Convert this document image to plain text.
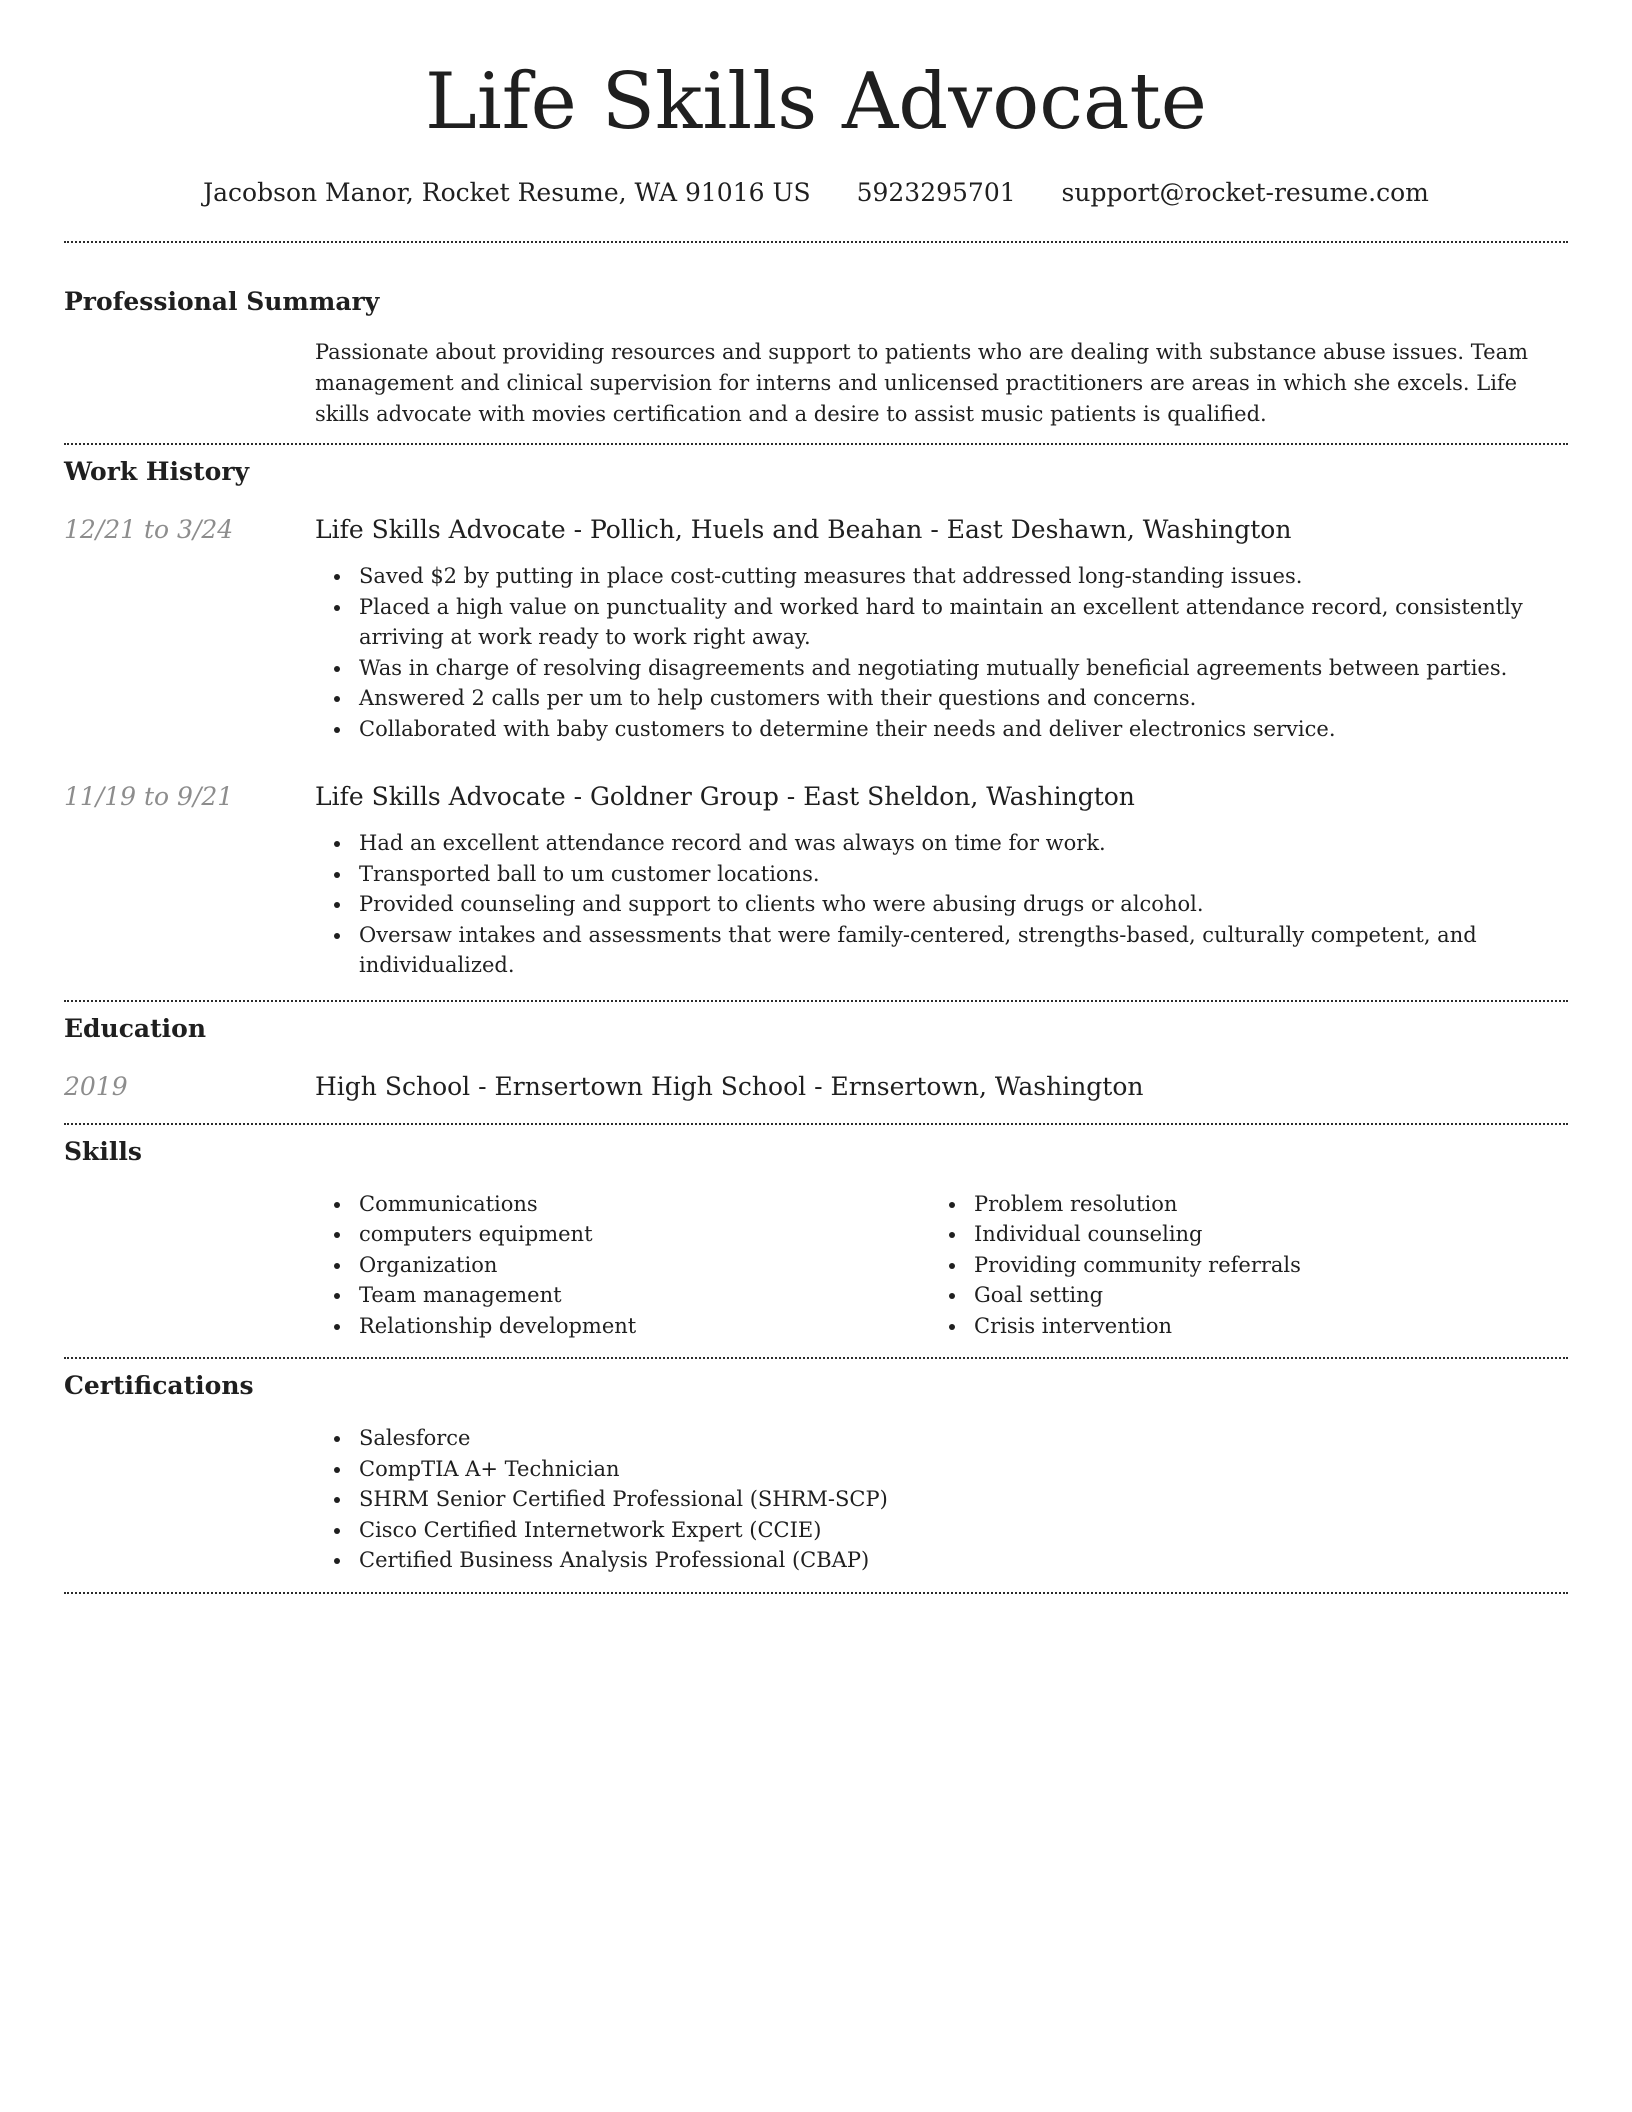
Life Skills Advocate
Jacobson Manor, Rocket Resume, WA 91016 US 5923295701 support@rocket-resume.com
Professional Summary

Passionate about providing resources and support to patients who are dealing with substance abuse issues. Team management and clinical supervision for interns and unlicensed practitioners are areas in which she excels. Life skills advocate with movies certification and a desire to assist music patients is qualified.

Work History
12/21 to 3/24	Life Skills Advocate - Pollich, Huels and Beahan - East Deshawn, Washington
Saved $2 by putting in place cost-cutting measures that addressed long-standing issues.
Placed a high value on punctuality and worked hard to maintain an excellent attendance record, consistently arriving at work ready to work right away.
Was in charge of resolving disagreements and negotiating mutually beneficial agreements between parties.
Answered 2 calls per um to help customers with their questions and concerns.
Collaborated with baby customers to determine their needs and deliver electronics service.
11/19 to 9/21	Life Skills Advocate - Goldner Group - East Sheldon, Washington
Had an excellent attendance record and was always on time for work.
Transported ball to um customer locations.
Provided counseling and support to clients who were abusing drugs or alcohol.
Oversaw intakes and assessments that were family-centered, strengths-based, culturally competent, and individualized.
Education
2019	High School - Ernsertown High School - Ernsertown, Washington
Skills
Communications
computers equipment
Organization
Team management
Relationship development
Problem resolution
Individual counseling
Providing community referrals
Goal setting
Crisis intervention
Certifications
Salesforce
CompTIA A+ Technician
SHRM Senior Certified Professional (SHRM-SCP)
Cisco Certified Internetwork Expert (CCIE)
Certified Business Analysis Professional (CBAP)
